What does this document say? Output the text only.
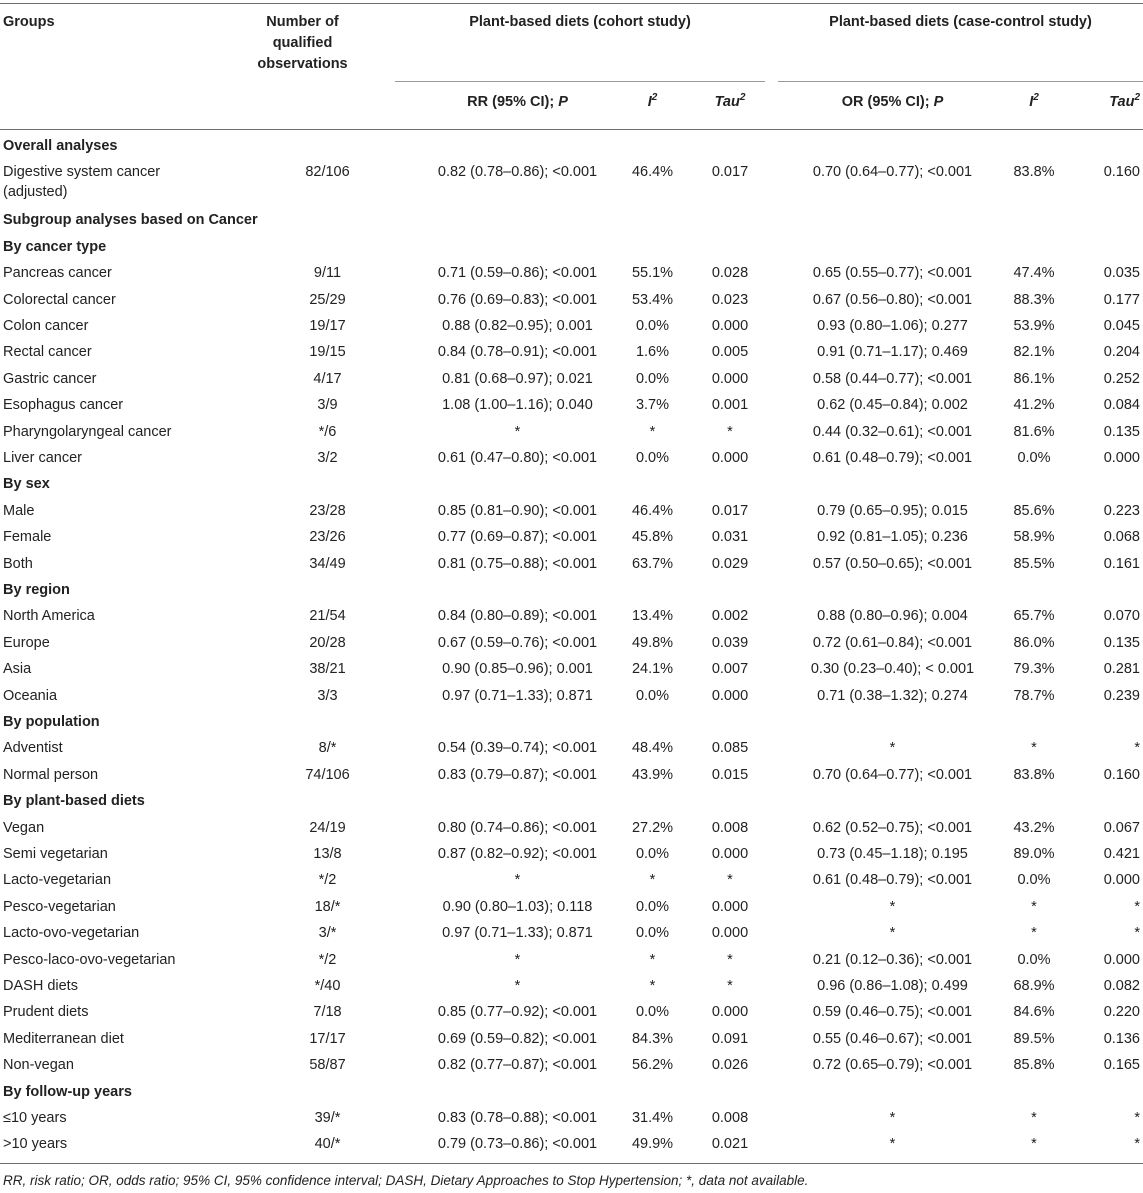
Groups	Number of
qualified
observations
Plant-based diets (cohort study)	Plant-based diets (case-control study)
RR (95% CI); P	$I^2$	Tau$^2$	OR (95% CI); P	$I^2$	Tau$^2$
Overall analyses
Digestive system cancer
(adjusted)
82/106	0.82 (0.78–0.86); <0.001	46.4%	0.017	0.70 (0.64–0.77); <0.001	83.8%	0.160
Subgroup analyses based on Cancer
By cancer type
Pancreas cancer	9/11	0.71 (0.59–0.86); <0.001	55.1%	0.028	0.65 (0.55–0.77); <0.001	47.4%	0.035
Colorectal cancer	25/29	0.76 (0.69–0.83); <0.001	53.4%	0.023	0.67 (0.56–0.80); <0.001	88.3%	0.177
Colon cancer	19/17	0.88 (0.82–0.95); 0.001	0.0%	0.000	0.93 (0.80–1.06); 0.277	53.9%	0.045
Rectal cancer	19/15	0.84 (0.78–0.91); <0.001	1.6%	0.005	0.91 (0.71–1.17); 0.469	82.1%	0.204
Gastric cancer	4/17	0.81 (0.68–0.97); 0.021	0.0%	0.000	0.58 (0.44–0.77); <0.001	86.1%	0.252
Esophagus cancer	3/9	1.08 (1.00–1.16); 0.040	3.7%	0.001	0.62 (0.45–0.84); 0.002	41.2%	0.084
Pharyngolaryngeal cancer	*/6	*	*	*	0.44 (0.32–0.61); <0.001	81.6%	0.135
Liver cancer	3/2	0.61 (0.47–0.80); <0.001	0.0%	0.000	0.61 (0.48–0.79); <0.001	0.0%	0.000
By sex
Male	23/28	0.85 (0.81–0.90); <0.001	46.4%	0.017	0.79 (0.65–0.95); 0.015	85.6%	0.223
Female	23/26	0.77 (0.69–0.87); <0.001	45.8%	0.031	0.92 (0.81–1.05); 0.236	58.9%	0.068
Both	34/49	0.81 (0.75–0.88); <0.001	63.7%	0.029	0.57 (0.50–0.65); <0.001	85.5%	0.161
By region
North America	21/54	0.84 (0.80–0.89); <0.001	13.4%	0.002	0.88 (0.80–0.96); 0.004	65.7%	0.070
Europe	20/28	0.67 (0.59–0.76); <0.001	49.8%	0.039	0.72 (0.61–0.84); <0.001	86.0%	0.135
Asia	38/21	0.90 (0.85–0.96); 0.001	24.1%	0.007	0.30 (0.23–0.40); < 0.001	79.3%	0.281
Oceania	3/3	0.97 (0.71–1.33); 0.871	0.0%	0.000	0.71 (0.38–1.32); 0.274	78.7%	0.239
By population
Adventist	8/*	0.54 (0.39–0.74); <0.001	48.4%	0.085	*	*	*
Normal person	74/106	0.83 (0.79–0.87); <0.001	43.9%	0.015	0.70 (0.64–0.77); <0.001	83.8%	0.160
By plant-based diets
Vegan	24/19	0.80 (0.74–0.86); <0.001	27.2%	0.008	0.62 (0.52–0.75); <0.001	43.2%	0.067
Semi vegetarian	13/8	0.87 (0.82–0.92); <0.001	0.0%	0.000	0.73 (0.45–1.18); 0.195	89.0%	0.421
Lacto-vegetarian	*/2	*	*	*	0.61 (0.48–0.79); <0.001	0.0%	0.000
Pesco-vegetarian	18/*	0.90 (0.80–1.03); 0.118	0.0%	0.000	*	*	*
Lacto-ovo-vegetarian	3/*	0.97 (0.71–1.33); 0.871	0.0%	0.000	*	*	*
Pesco-laco-ovo-vegetarian	*/2	*	*	*	0.21 (0.12–0.36); <0.001	0.0%	0.000
DASH diets	*/40	*	*	*	0.96 (0.86–1.08); 0.499	68.9%	0.082
Prudent diets	7/18	0.85 (0.77–0.92); <0.001	0.0%	0.000	0.59 (0.46–0.75); <0.001	84.6%	0.220
Mediterranean diet	17/17	0.69 (0.59–0.82); <0.001	84.3%	0.091	0.55 (0.46–0.67); <0.001	89.5%	0.136
Non-vegan	58/87	0.82 (0.77–0.87); <0.001	56.2%	0.026	0.72 (0.65–0.79); <0.001	85.8%	0.165
By follow-up years
≤10 years	39/*	0.83 (0.78–0.88); <0.001	31.4%	0.008	*	*	*
>10 years	40/*	0.79 (0.73–0.86); <0.001	49.9%	0.021	*	*	*
RR, risk ratio; OR, odds ratio; 95% CI, 95% confidence interval; DASH, Dietary Approaches to Stop Hypertension; *, data not available.
